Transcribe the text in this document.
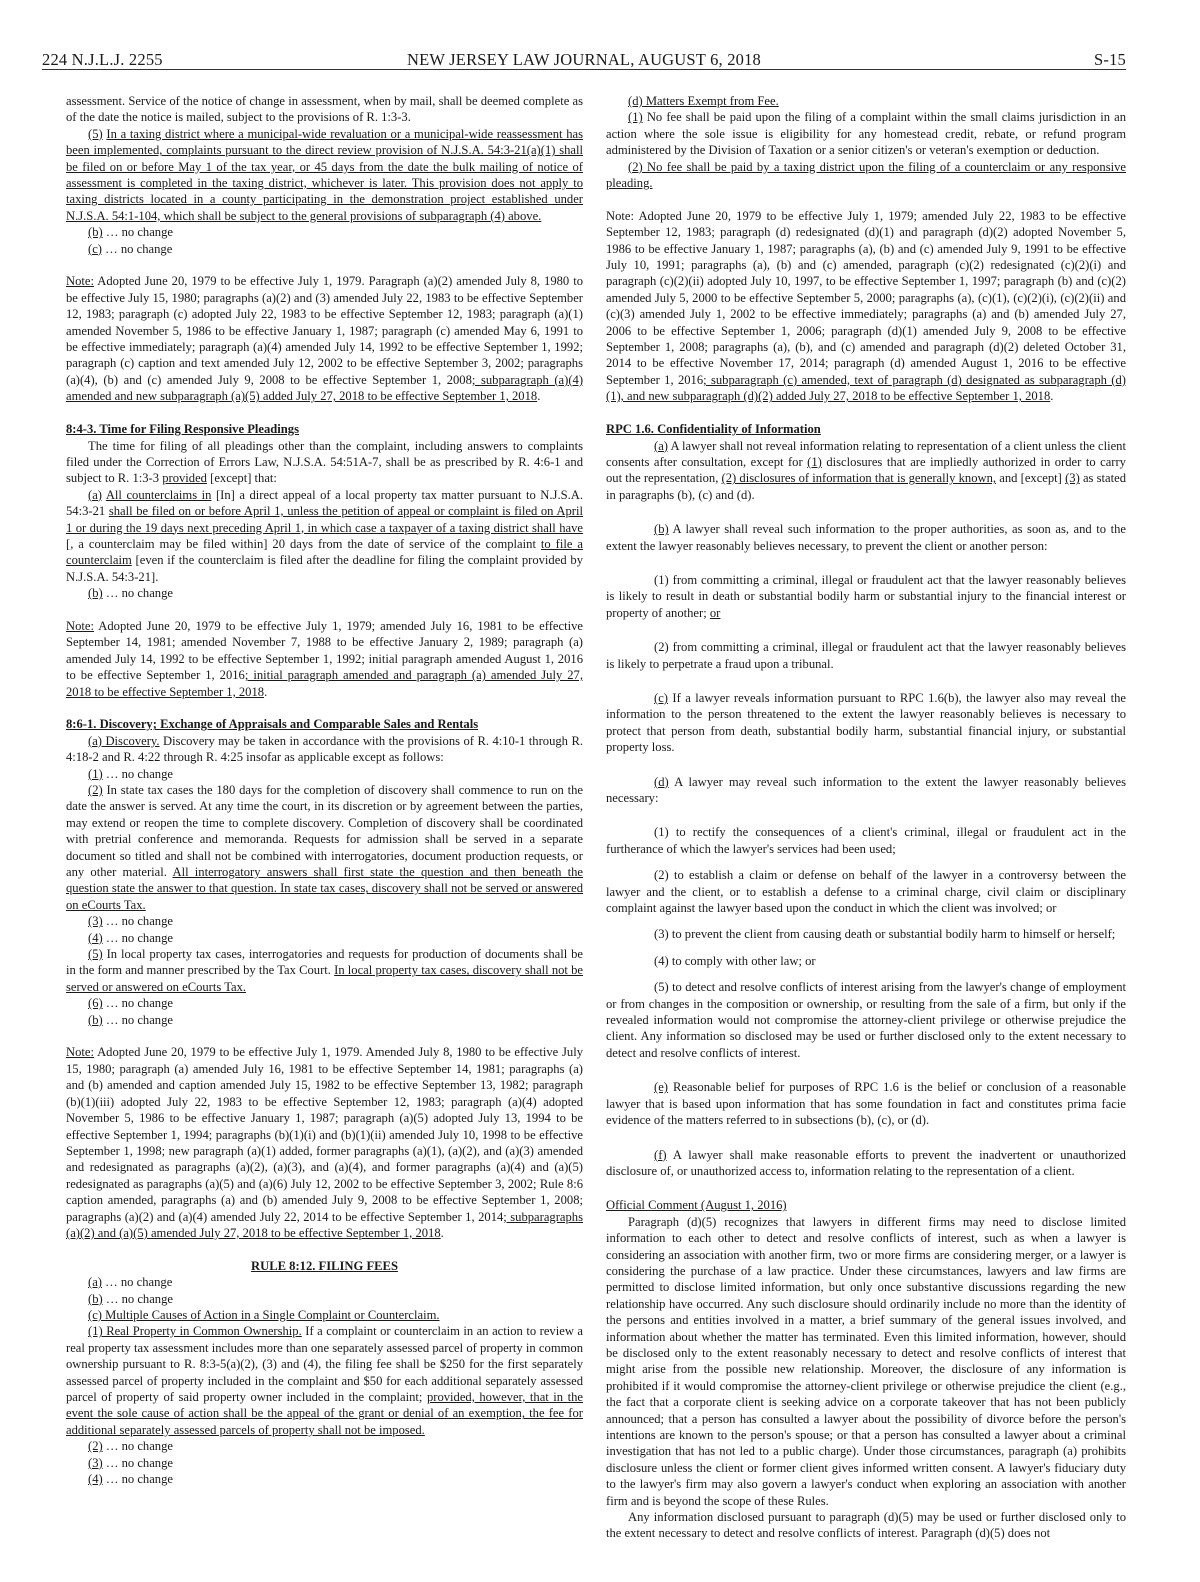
224 N.J.L.J. 2255	NEW JERSEY LAW JOURNAL, AUGUST 6, 2018	S-15

assessment. Service of the notice of change in assessment, when by mail, shall be deemed complete as of the date the notice is mailed, subject to the provisions of R. 1:3-3.

(5) In a taxing district where a municipal-wide revaluation or a municipal-wide reassessment has been implemented, complaints pursuant to the direct review provision of N.J.S.A. 54:3-21(a)(1) shall be filed on or before May 1 of the tax year, or 45 days from the date the bulk mailing of notice of assessment is completed in the taxing district, whichever is later. This provision does not apply to taxing districts located in a county participating in the demonstration project established under N.J.S.A. 54:1-104, which shall be subject to the general provisions of subparagraph (4) above.

(b) … no change

(c) … no change

Note: Adopted June 20, 1979 to be effective July 1, 1979. Paragraph (a)(2) amended July 8, 1980 to be effective July 15, 1980; paragraphs (a)(2) and (3) amended July 22, 1983 to be effective September 12, 1983; paragraph (c) adopted July 22, 1983 to be effective September 12, 1983; paragraph (a)(1) amended November 5, 1986 to be effective January 1, 1987; paragraph (c) amended May 6, 1991 to be effective immediately; paragraph (a)(4) amended July 14, 1992 to be effective September 1, 1992; paragraph (c) caption and text amended July 12, 2002 to be effective September 3, 2002; paragraphs (a)(4), (b) and (c) amended July 9, 2008 to be effective September 1, 2008; subparagraph (a)(4) amended and new subparagraph (a)(5) added July 27, 2018 to be effective September 1, 2018.

8:4-3. Time for Filing Responsive Pleadings

The time for filing of all pleadings other than the complaint, including answers to complaints filed under the Correction of Errors Law, N.J.S.A. 54:51A-7, shall be as prescribed by R. 4:6-1 and subject to R. 1:3-3 provided [except] that:

(a) All counterclaims in [In] a direct appeal of a local property tax matter pursuant to N.J.S.A. 54:3-21 shall be filed on or before April 1, unless the petition of appeal or complaint is filed on April 1 or during the 19 days next preceding April 1, in which case a taxpayer of a taxing district shall have [, a counterclaim may be filed within] 20 days from the date of service of the complaint to file a counterclaim [even if the counterclaim is filed after the deadline for filing the complaint provided by N.J.S.A. 54:3-21].

(b) … no change

Note: Adopted June 20, 1979 to be effective July 1, 1979; amended July 16, 1981 to be effective September 14, 1981; amended November 7, 1988 to be effective January 2, 1989; paragraph (a) amended July 14, 1992 to be effective September 1, 1992; initial paragraph amended August 1, 2016 to be effective September 1, 2016; initial paragraph amended and paragraph (a) amended July 27, 2018 to be effective September 1, 2018.

8:6-1. Discovery; Exchange of Appraisals and Comparable Sales and Rentals

(a) Discovery. Discovery may be taken in accordance with the provisions of R. 4:10-1 through R. 4:18-2 and R. 4:22 through R. 4:25 insofar as applicable except as follows:

(1) … no change

(2) In state tax cases the 180 days for the completion of discovery shall commence to run on the date the answer is served. At any time the court, in its discretion or by agreement between the parties, may extend or reopen the time to complete discovery. Completion of discovery shall be coordinated with pretrial conference and memoranda. Requests for admission shall be served in a separate document so titled and shall not be combined with interrogatories, document production requests, or any other material. All interrogatory answers shall first state the question and then beneath the question state the answer to that question. In state tax cases, discovery shall not be served or answered on eCourts Tax.

(3) … no change

(4) … no change

(5) In local property tax cases, interrogatories and requests for production of documents shall be in the form and manner prescribed by the Tax Court. In local property tax cases, discovery shall not be served or answered on eCourts Tax.

(6) … no change

(b) … no change

Note: Adopted June 20, 1979 to be effective July 1, 1979. Amended July 8, 1980 to be effective July 15, 1980; paragraph (a) amended July 16, 1981 to be effective September 14, 1981; paragraphs (a) and (b) amended and caption amended July 15, 1982 to be effective September 13, 1982; paragraph (b)(1)(iii) adopted July 22, 1983 to be effective September 12, 1983; paragraph (a)(4) adopted November 5, 1986 to be effective January 1, 1987; paragraph (a)(5) adopted July 13, 1994 to be effective September 1, 1994; paragraphs (b)(1)(i) and (b)(1)(ii) amended July 10, 1998 to be effective September 1, 1998; new paragraph (a)(1) added, former paragraphs (a)(1), (a)(2), and (a)(3) amended and redesignated as paragraphs (a)(2), (a)(3), and (a)(4), and former paragraphs (a)(4) and (a)(5) redesignated as paragraphs (a)(5) and (a)(6) July 12, 2002 to be effective September 3, 2002; Rule 8:6 caption amended, paragraphs (a) and (b) amended July 9, 2008 to be effective September 1, 2008; paragraphs (a)(2) and (a)(4) amended July 22, 2014 to be effective September 1, 2014; subparagraphs (a)(2) and (a)(5) amended July 27, 2018 to be effective September 1, 2018.

RULE 8:12. FILING FEES

(a) … no change

(b) … no change

(c) Multiple Causes of Action in a Single Complaint or Counterclaim.

(1) Real Property in Common Ownership. If a complaint or counterclaim in an action to review a real property tax assessment includes more than one separately assessed parcel of property in common ownership pursuant to R. 8:3-5(a)(2), (3) and (4), the filing fee shall be $250 for the first separately assessed parcel of property included in the complaint and $50 for each additional separately assessed parcel of property of said property owner included in the complaint; provided, however, that in the event the sole cause of action shall be the appeal of the grant or denial of an exemption, the fee for additional separately assessed parcels of property shall not be imposed.

(2) … no change

(3) … no change

(4) … no change

(d) Matters Exempt from Fee.

(1) No fee shall be paid upon the filing of a complaint within the small claims jurisdiction in an action where the sole issue is eligibility for any homestead credit, rebate, or refund program administered by the Division of Taxation or a senior citizen's or veteran's exemption or deduction.

(2) No fee shall be paid by a taxing district upon the filing of a counterclaim or any responsive pleading.

Note: Adopted June 20, 1979 to be effective July 1, 1979; amended July 22, 1983 to be effective September 12, 1983; paragraph (d) redesignated (d)(1) and paragraph (d)(2) adopted November 5, 1986 to be effective January 1, 1987; paragraphs (a), (b) and (c) amended July 9, 1991 to be effective July 10, 1991; paragraphs (a), (b) and (c) amended, paragraph (c)(2) redesignated (c)(2)(i) and paragraph (c)(2)(ii) adopted July 10, 1997, to be effective September 1, 1997; paragraph (b) and (c)(2) amended July 5, 2000 to be effective September 5, 2000; paragraphs (a), (c)(1), (c)(2)(i), (c)(2)(ii) and (c)(3) amended July 1, 2002 to be effective immediately; paragraphs (a) and (b) amended July 27, 2006 to be effective September 1, 2006; paragraph (d)(1) amended July 9, 2008 to be effective September 1, 2008; paragraphs (a), (b), and (c) amended and paragraph (d)(2) deleted October 31, 2014 to be effective November 17, 2014; paragraph (d) amended August 1, 2016 to be effective September 1, 2016; subparagraph (c) amended, text of paragraph (d) designated as subparagraph (d)(1), and new subparagraph (d)(2) added July 27, 2018 to be effective September 1, 2018.

RPC 1.6. Confidentiality of Information

(a) A lawyer shall not reveal information relating to representation of a client unless the client consents after consultation, except for (1) disclosures that are impliedly authorized in order to carry out the representation, (2) disclosures of information that is generally known, and [except] (3) as stated in paragraphs (b), (c) and (d).

(b) A lawyer shall reveal such information to the proper authorities, as soon as, and to the extent the lawyer reasonably believes necessary, to prevent the client or another person:

(1) from committing a criminal, illegal or fraudulent act that the lawyer reasonably believes is likely to result in death or substantial bodily harm or substantial injury to the financial interest or property of another; or

(2) from committing a criminal, illegal or fraudulent act that the lawyer reasonably believes is likely to perpetrate a fraud upon a tribunal.

(c) If a lawyer reveals information pursuant to RPC 1.6(b), the lawyer also may reveal the information to the person threatened to the extent the lawyer reasonably believes is necessary to protect that person from death, substantial bodily harm, substantial financial injury, or substantial property loss.

(d) A lawyer may reveal such information to the extent the lawyer reasonably believes necessary:

(1) to rectify the consequences of a client's criminal, illegal or fraudulent act in the furtherance of which the lawyer's services had been used;

(2) to establish a claim or defense on behalf of the lawyer in a controversy between the lawyer and the client, or to establish a defense to a criminal charge, civil claim or disciplinary complaint against the lawyer based upon the conduct in which the client was involved; or

(3) to prevent the client from causing death or substantial bodily harm to himself or herself;

(4) to comply with other law; or

(5) to detect and resolve conflicts of interest arising from the lawyer's change of employment or from changes in the composition or ownership, or resulting from the sale of a firm, but only if the revealed information would not compromise the attorney-client privilege or otherwise prejudice the client. Any information so disclosed may be used or further disclosed only to the extent necessary to detect and resolve conflicts of interest.

(e) Reasonable belief for purposes of RPC 1.6 is the belief or conclusion of a reasonable lawyer that is based upon information that has some foundation in fact and constitutes prima facie evidence of the matters referred to in subsections (b), (c), or (d).

(f) A lawyer shall make reasonable efforts to prevent the inadvertent or unauthorized disclosure of, or unauthorized access to, information relating to the representation of a client.

Official Comment (August 1, 2016)

Paragraph (d)(5) recognizes that lawyers in different firms may need to disclose limited information to each other to detect and resolve conflicts of interest, such as when a lawyer is considering an association with another firm, two or more firms are considering merger, or a lawyer is considering the purchase of a law practice. Under these circumstances, lawyers and law firms are permitted to disclose limited information, but only once substantive discussions regarding the new relationship have occurred. Any such disclosure should ordinarily include no more than the identity of the persons and entities involved in a matter, a brief summary of the general issues involved, and information about whether the matter has terminated. Even this limited information, however, should be disclosed only to the extent reasonably necessary to detect and resolve conflicts of interest that might arise from the possible new relationship. Moreover, the disclosure of any information is prohibited if it would compromise the attorney-client privilege or otherwise prejudice the client (e.g., the fact that a corporate client is seeking advice on a corporate takeover that has not been publicly announced; that a person has consulted a lawyer about the possibility of divorce before the person's intentions are known to the person's spouse; or that a person has consulted a lawyer about a criminal investigation that has not led to a public charge). Under those circumstances, paragraph (a) prohibits disclosure unless the client or former client gives informed written consent. A lawyer's fiduciary duty to the lawyer's firm may also govern a lawyer's conduct when exploring an association with another firm and is beyond the scope of these Rules.

Any information disclosed pursuant to paragraph (d)(5) may be used or further disclosed only to the extent necessary to detect and resolve conflicts of interest. Paragraph (d)(5) does not
